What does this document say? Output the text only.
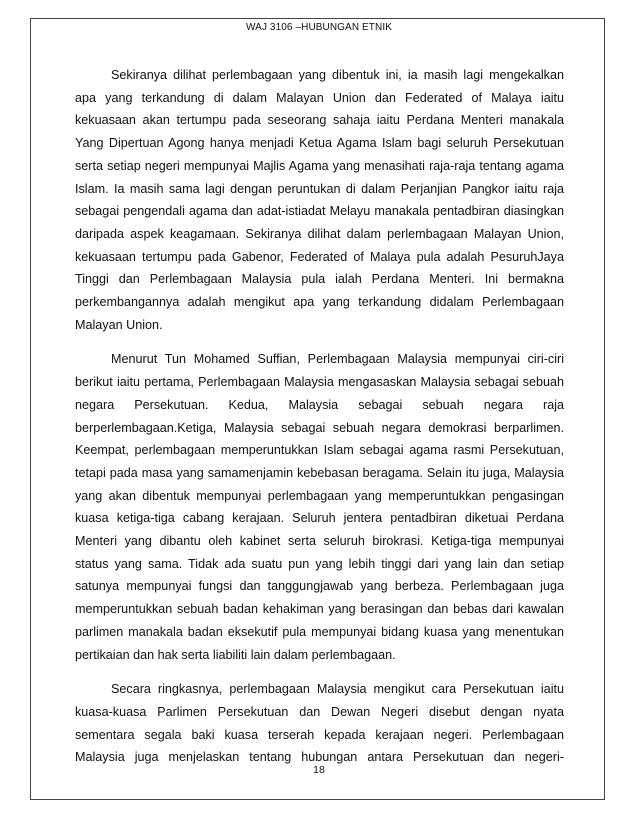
WAJ 3106 –HUBUNGAN ETNIK

Sekiranya dilihat perlembagaan yang dibentuk ini, ia masih lagi mengekalkan apa yang terkandung di dalam Malayan Union dan Federated of Malaya iaitu kekuasaan akan tertumpu pada seseorang sahaja iaitu Perdana Menteri manakala Yang Dipertuan Agong hanya menjadi Ketua Agama Islam bagi seluruh Persekutuan serta setiap negeri mempunyai Majlis Agama yang menasihati raja-raja tentang agama Islam. Ia masih sama lagi dengan peruntukan di dalam Perjanjian Pangkor iaitu raja sebagai pengendali agama dan adat-istiadat Melayu manakala pentadbiran diasingkan daripada aspek keagamaan. Sekiranya dilihat dalam perlembagaan Malayan Union, kekuasaan tertumpu pada Gabenor, Federated of Malaya pula adalah PesuruhJaya Tinggi dan Perlembagaan Malaysia pula ialah Perdana Menteri. Ini bermakna perkembangannya adalah mengikut apa yang terkandung didalam Perlembagaan Malayan Union.

Menurut Tun Mohamed Suffian, Perlembagaan Malaysia mempunyai ciri-ciri berikut iaitu pertama, Perlembagaan Malaysia mengasaskan Malaysia sebagai sebuah negara Persekutuan. Kedua, Malaysia sebagai sebuah negara raja berperlembagaan.Ketiga, Malaysia sebagai sebuah negara demokrasi berparlimen. Keempat, perlembagaan memperuntukkan Islam sebagai agama rasmi Persekutuan, tetapi pada masa yang samamenjamin kebebasan beragama. Selain itu juga, Malaysia yang akan dibentuk mempunyai perlembagaan yang memperuntukkan pengasingan kuasa ketiga-tiga cabang kerajaan. Seluruh jentera pentadbiran diketuai Perdana Menteri yang dibantu oleh kabinet serta seluruh birokrasi. Ketiga-tiga mempunyai status yang sama. Tidak ada suatu pun yang lebih tinggi dari yang lain dan setiap satunya mempunyai fungsi dan tanggungjawab yang berbeza. Perlembagaan juga memperuntukkan sebuah badan kehakiman yang berasingan dan bebas dari kawalan parlimen manakala badan eksekutif pula mempunyai bidang kuasa yang menentukan pertikaian dan hak serta liabiliti lain dalam perlembagaan.

Secara ringkasnya, perlembagaan Malaysia mengikut cara Persekutuan iaitu kuasa-kuasa Parlimen Persekutuan dan Dewan Negeri disebut dengan nyata sementara segala baki kuasa terserah kepada kerajaan negeri. Perlembagaan Malaysia juga menjelaskan tentang hubungan antara Persekutuan dan negeri-

18
